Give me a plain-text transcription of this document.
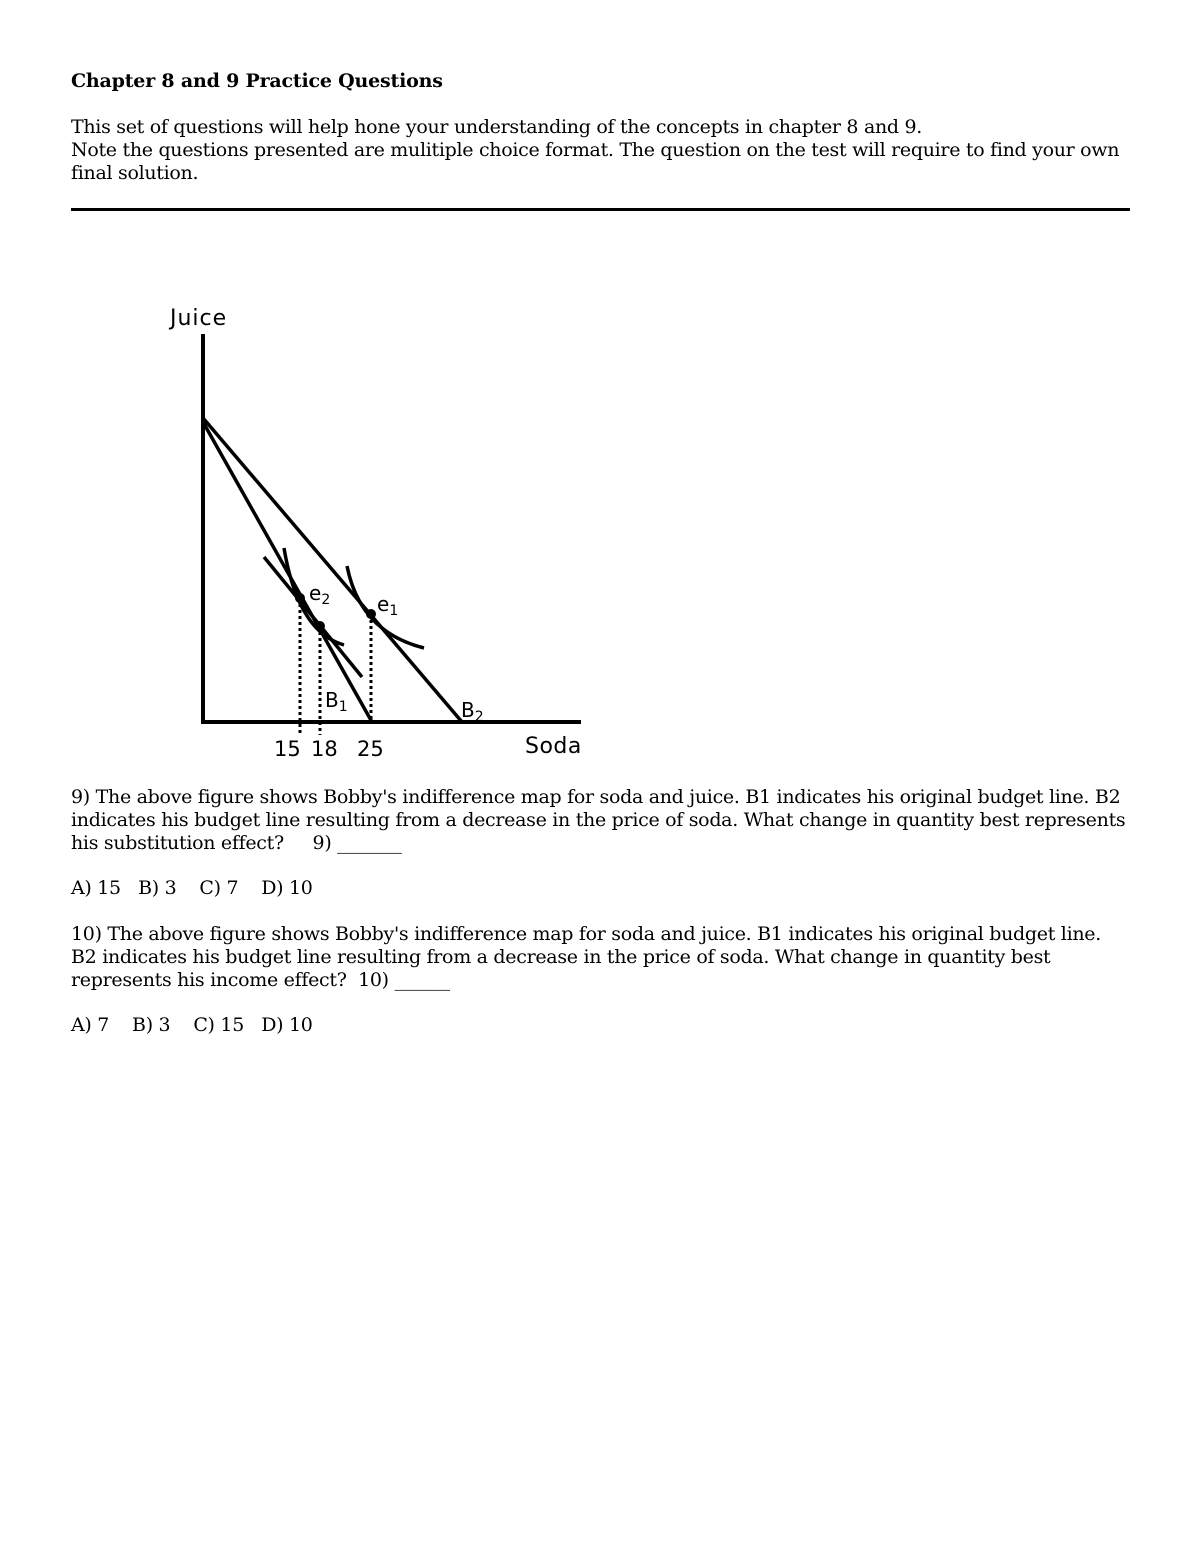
Chapter 8 and 9 Practice Questions
This set of questions will help hone your understanding of the concepts in chapter 8 and 9.
Note the questions presented are mulitiple choice format. The question on the test will require to find your own final solution.
Juice
Soda
15 18 25
$e_2$ $e_1$
$B_1$	$B_2$
9) The above figure shows Bobby's indifference map for soda and juice. B1 indicates his original budget line. B2 indicates his budget line resulting from a decrease in the price of soda. What change in quantity best represents his substitution effect? 9) _______
A) 15 B) 3 C) 7 D) 10
10) The above figure shows Bobby's indifference map for soda and juice. B1 indicates his original budget line. B2 indicates his budget line resulting from a decrease in the price of soda. What change in quantity best represents his income effect? 10) ______
A) 7 B) 3 C) 15 D) 10
